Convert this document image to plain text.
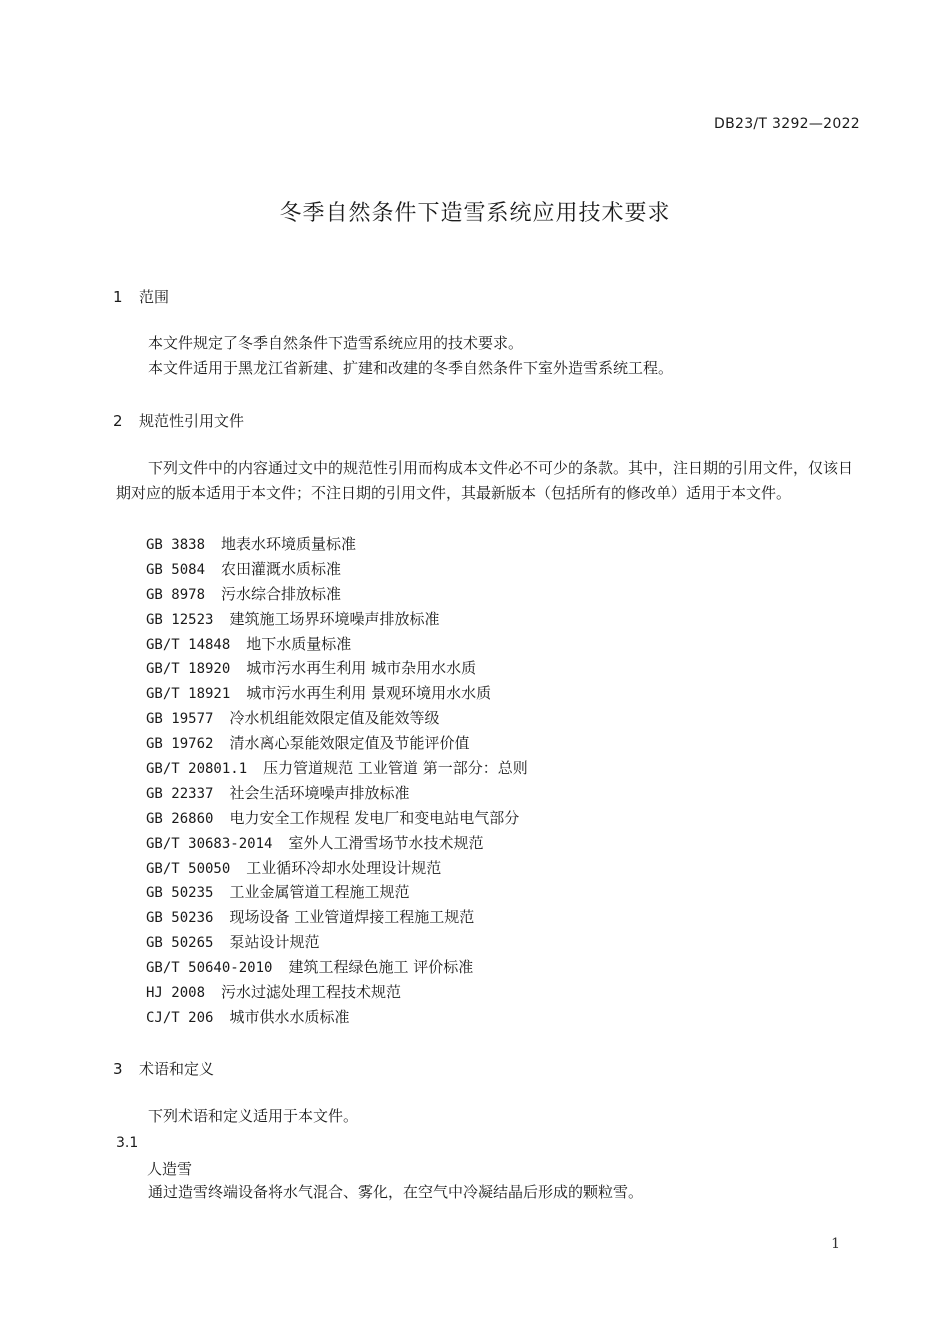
DB23/T 3292—2022
冬季自然条件下造雪系统应用技术要求
1 范围
本文件规定了冬季自然条件下造雪系统应用的技术要求。
本文件适用于黑龙江省新建、扩建和改建的冬季自然条件下室外造雪系统工程。
2 规范性引用文件
下列文件中的内容通过文中的规范性引用而构成本文件必不可少的条款。其中，注日期的引用文件，仅该日期对应的版本适用于本文件；不注日期的引用文件，其最新版本（包括所有的修改单）适用于本文件。
GB 3838 地表水环境质量标准
GB 5084 农田灌溉水质标准
GB 8978 污水综合排放标准
GB 12523 建筑施工场界环境噪声排放标准
GB/T 14848 地下水质量标准
GB/T 18920 城市污水再生利用 城市杂用水水质
GB/T 18921 城市污水再生利用 景观环境用水水质
GB 19577 冷水机组能效限定值及能效等级
GB 19762 清水离心泵能效限定值及节能评价值
GB/T 20801.1 压力管道规范 工业管道 第一部分：总则
GB 22337 社会生活环境噪声排放标准
GB 26860 电力安全工作规程 发电厂和变电站电气部分
GB/T 30683-2014 室外人工滑雪场节水技术规范
GB/T 50050 工业循环冷却水处理设计规范
GB 50235 工业金属管道工程施工规范
GB 50236 现场设备 工业管道焊接工程施工规范
GB 50265 泵站设计规范
GB/T 50640-2010 建筑工程绿色施工 评价标准
HJ 2008 污水过滤处理工程技术规范
CJ/T 206 城市供水水质标准
3 术语和定义
下列术语和定义适用于本文件。
3.1
人造雪
通过造雪终端设备将水气混合、雾化，在空气中冷凝结晶后形成的颗粒雪。
1
